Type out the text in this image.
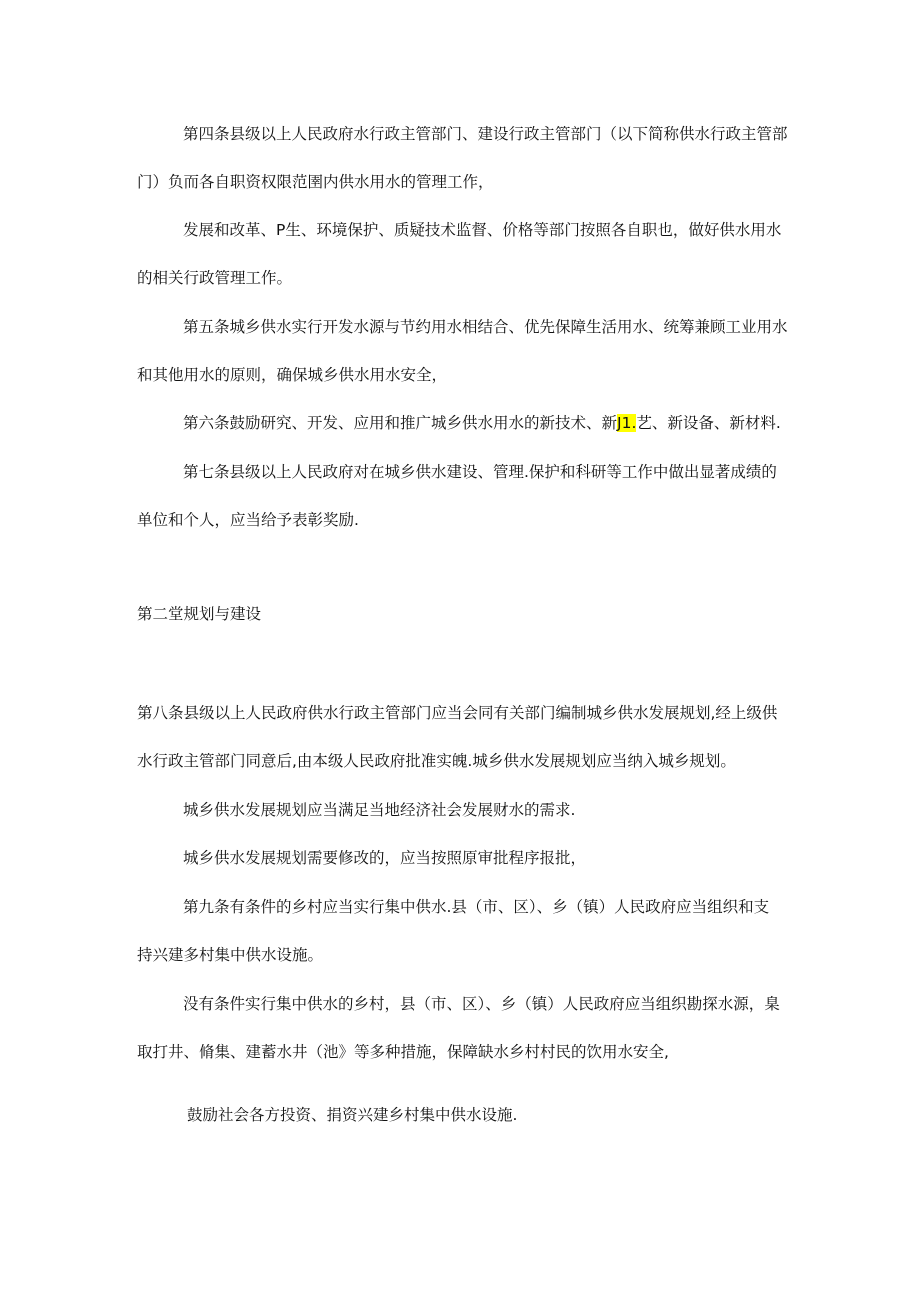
第四条县级以上人民政府水行政主管部门、建设行政主管部门（以下简称供水行政主管部
门）负而各自职资权限范圉内供水用水的管理工作，
发展和改革、P生、环境保护、质疑技术监督、价格等部门按照各自职也，做好供水用水
的相关行政管理工作。
第五条城乡供水实行开发水源与节约用水相结合、优先保障生活用水、统筹兼顾工业用水
和其他用水的原则，确保城乡供水用水安全，
第六条鼓励研究、开发、应用和推广城乡供水用水的新技术、新J1.艺、新设备、新材料.
第七条县级以上人民政府对在城乡供水建设、管理.保护和科研等工作中做出显著成绩的
单位和个人，应当给予表彰奖励.
第二堂规划与建设
第八条县级以上人民政府供水行政主管部门应当会同有关部门编制城乡供水发展规划,经上级供
水行政主管部门同意后,由本级人民政府批准实魄.城乡供水发展规划应当纳入城乡规划。
城乡供水发展规划应当满足当地经济社会发展财水的需求.
城乡供水发展规划需要修改的，应当按照原审批程序报批，
第九条有条件的乡村应当实行集中供水.县（市、区）、乡（镇）人民政府应当组织和支
持兴建多村集中供水设施。
没有条件实行集中供水的乡村，县（市、区）、乡（镇）人民政府应当组织勘探水源，臬
取打井、脩集、建蓄水井（池》等多种措施，保障缺水乡村村民的饮用水安全,
鼓励社会各方投资、捐资兴建乡村集中供水设施.
